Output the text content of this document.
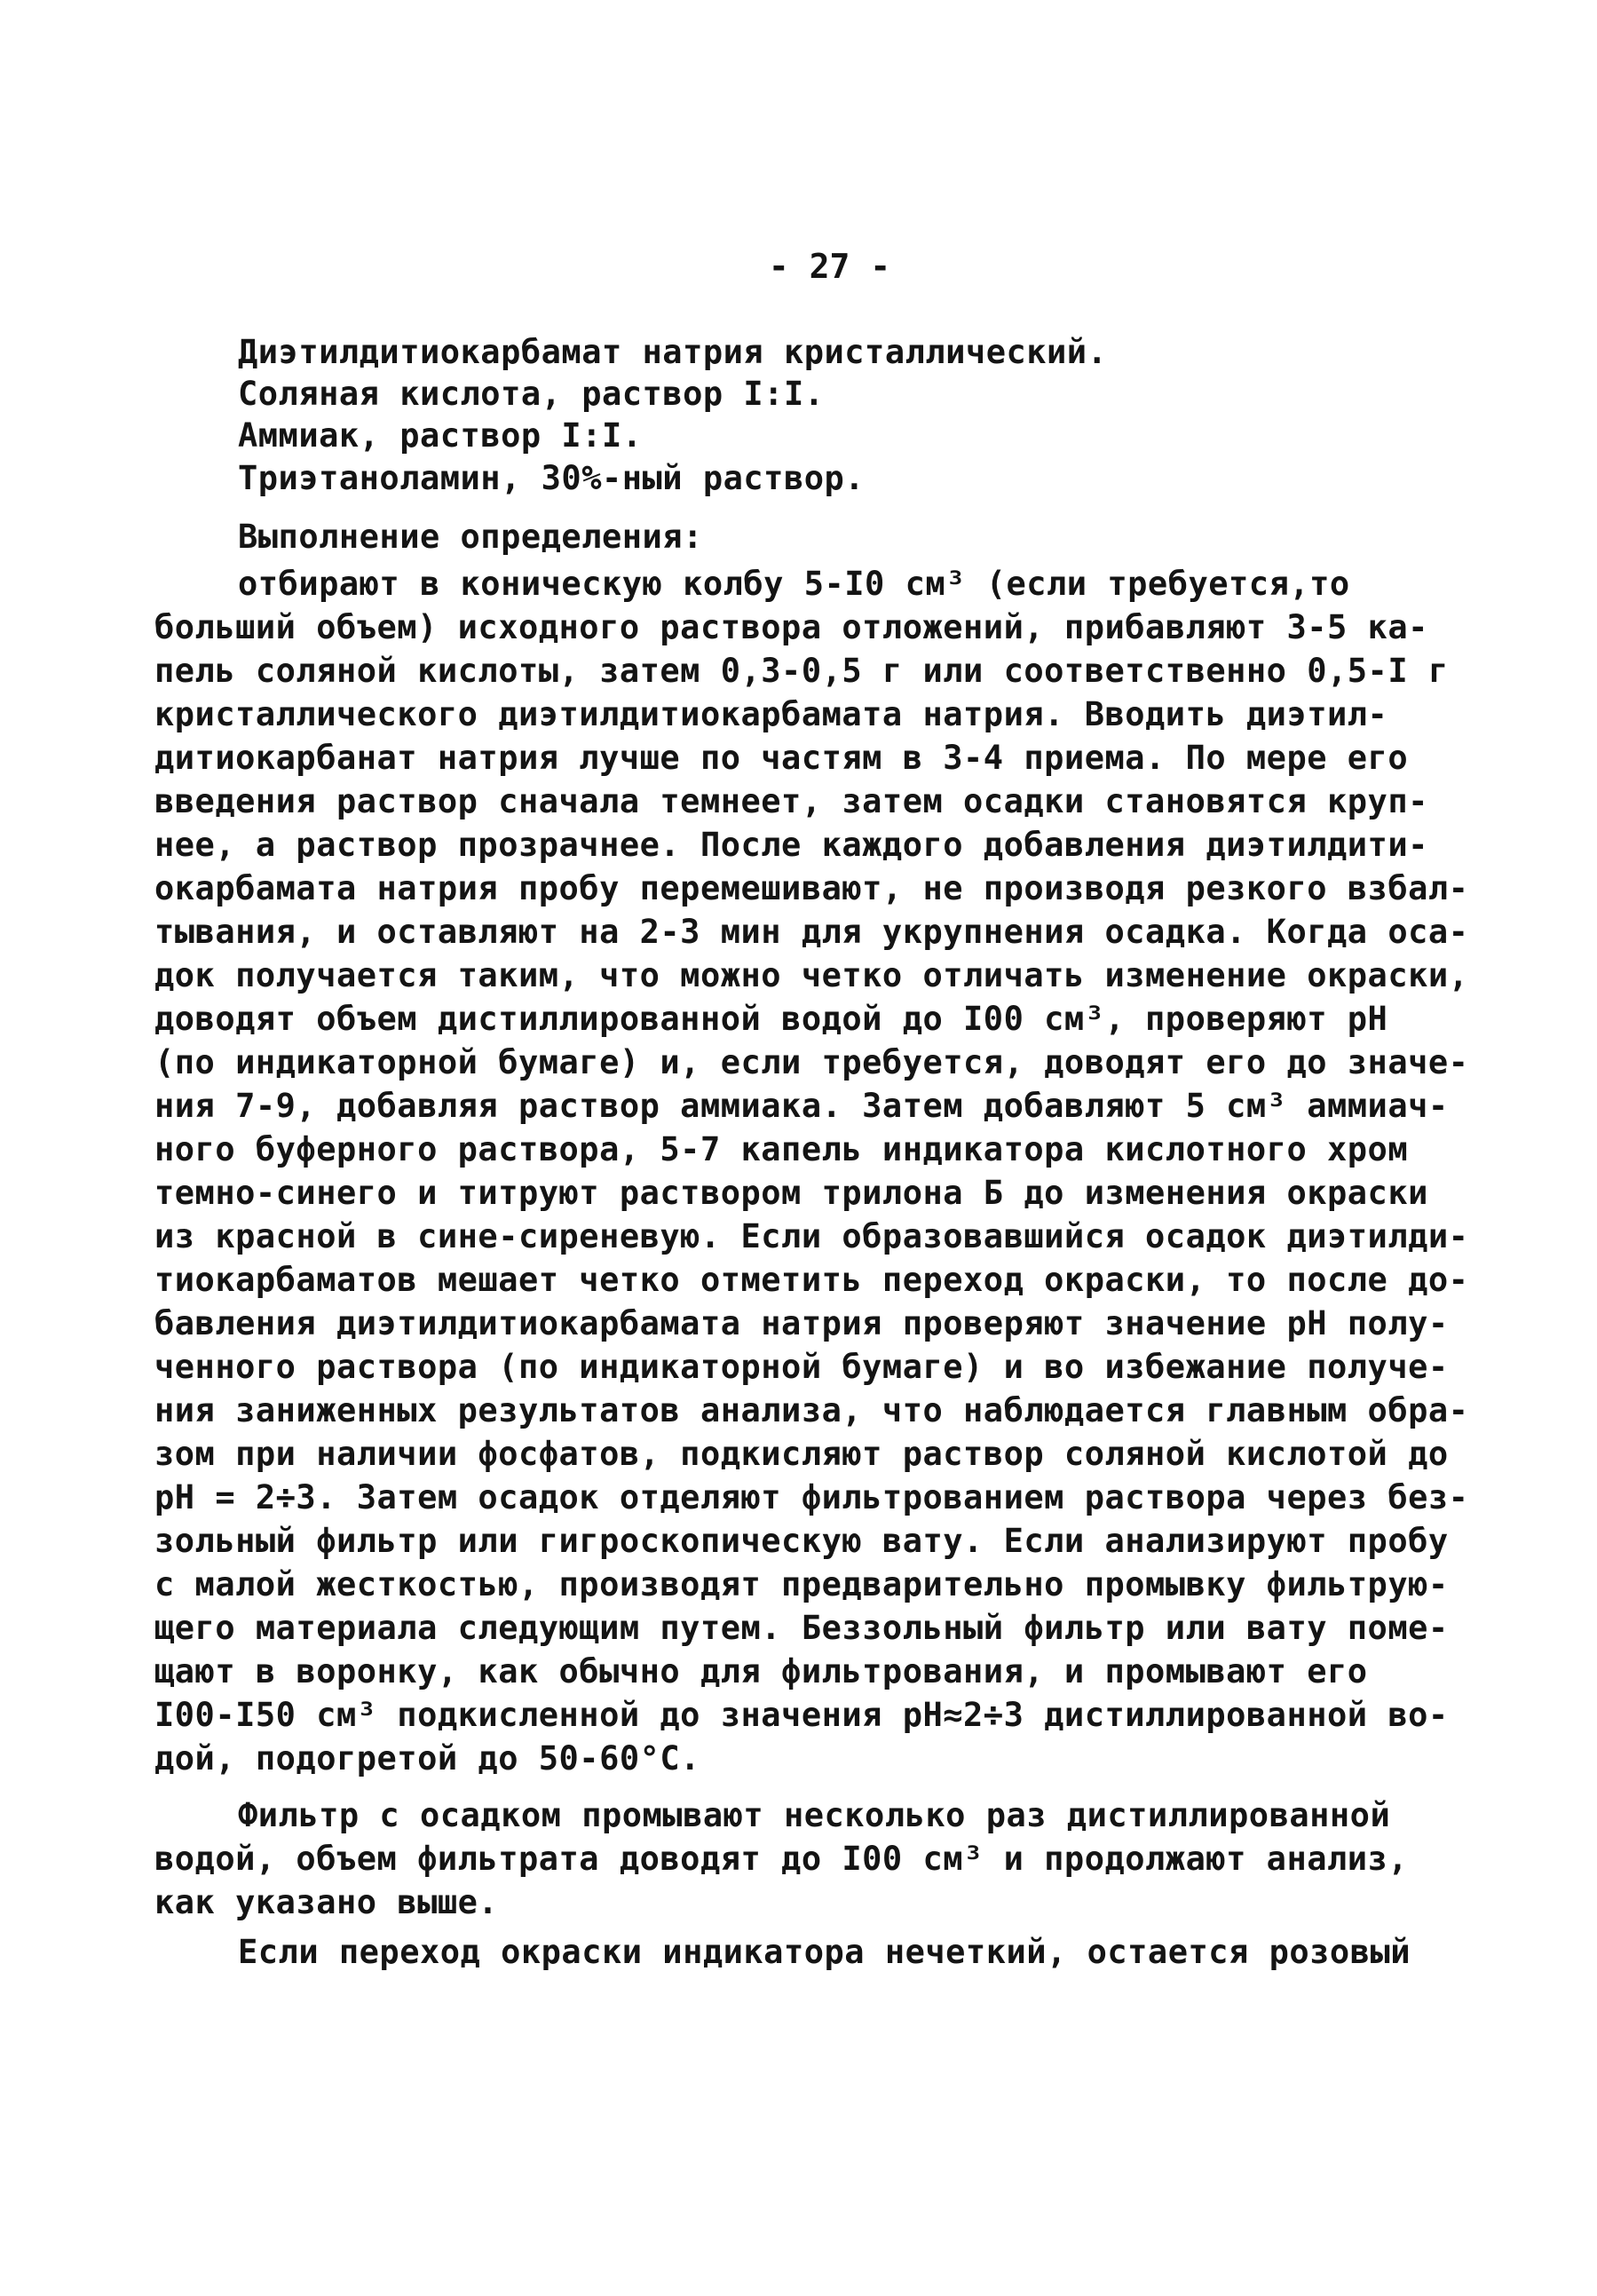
- 27 -
Диэтилдитиокарбамат натрия кристаллический.
Соляная кислота, раствор I:I.
Аммиак, раствор I:I.
Триэтаноламин, 30%-ный раствор.
Выполнение определения:
отбирают в коническую колбу 5-I0 см³ (если требуется,то
больший объем) исходного раствора отложений, прибавляют 3-5 ка-
пель соляной кислоты, затем 0,3-0,5 г или соответственно 0,5-I г
кристаллического диэтилдитиокарбамата натрия. Вводить диэтил-
дитиокарбанат натрия лучше по частям в 3-4 приема. По мере его
введения раствор сначала темнеет, затем осадки становятся круп-
нее, а раствор прозрачнее. После каждого добавления диэтилдити-
окарбамата натрия пробу перемешивают, не производя резкого взбал-
тывания, и оставляют на 2-3 мин для укрупнения осадка. Когда оса-
док получается таким, что можно четко отличать изменение окраски,
доводят объем дистиллированной водой до I00 см³, проверяют рН
(по индикаторной бумаге) и, если требуется, доводят его до значе-
ния 7-9, добавляя раствор аммиака. Затем добавляют 5 см³ аммиач-
ного буферного раствора, 5-7 капель индикатора кислотного хром
темно-синего и титруют раствором трилона Б до изменения окраски
из красной в сине-сиреневую. Если образовавшийся осадок диэтилди-
тиокарбаматов мешает четко отметить переход окраски, то после до-
бавления диэтилдитиокарбамата натрия проверяют значение рН полу-
ченного раствора (по индикаторной бумаге) и во избежание получе-
ния заниженных результатов анализа, что наблюдается главным обра-
зом при наличии фосфатов, подкисляют раствор соляной кислотой до
рН = 2÷3. Затем осадок отделяют фильтрованием раствора через без-
зольный фильтр или гигроскопическую вату. Если анализируют пробу
с малой жесткостью, производят предварительно промывку фильтрую-
щего материала следующим путем. Беззольный фильтр или вату поме-
щают в воронку, как обычно для фильтрования, и промывают его
I00-I50 см³ подкисленной до значения рН≈2÷3 дистиллированной во-
дой, подогретой до 50-60°С.
Фильтр с осадком промывают несколько раз дистиллированной
водой, объем фильтрата доводят до I00 см³ и продолжают анализ,
как указано выше.
Если переход окраски индикатора нечеткий, остается розовый
